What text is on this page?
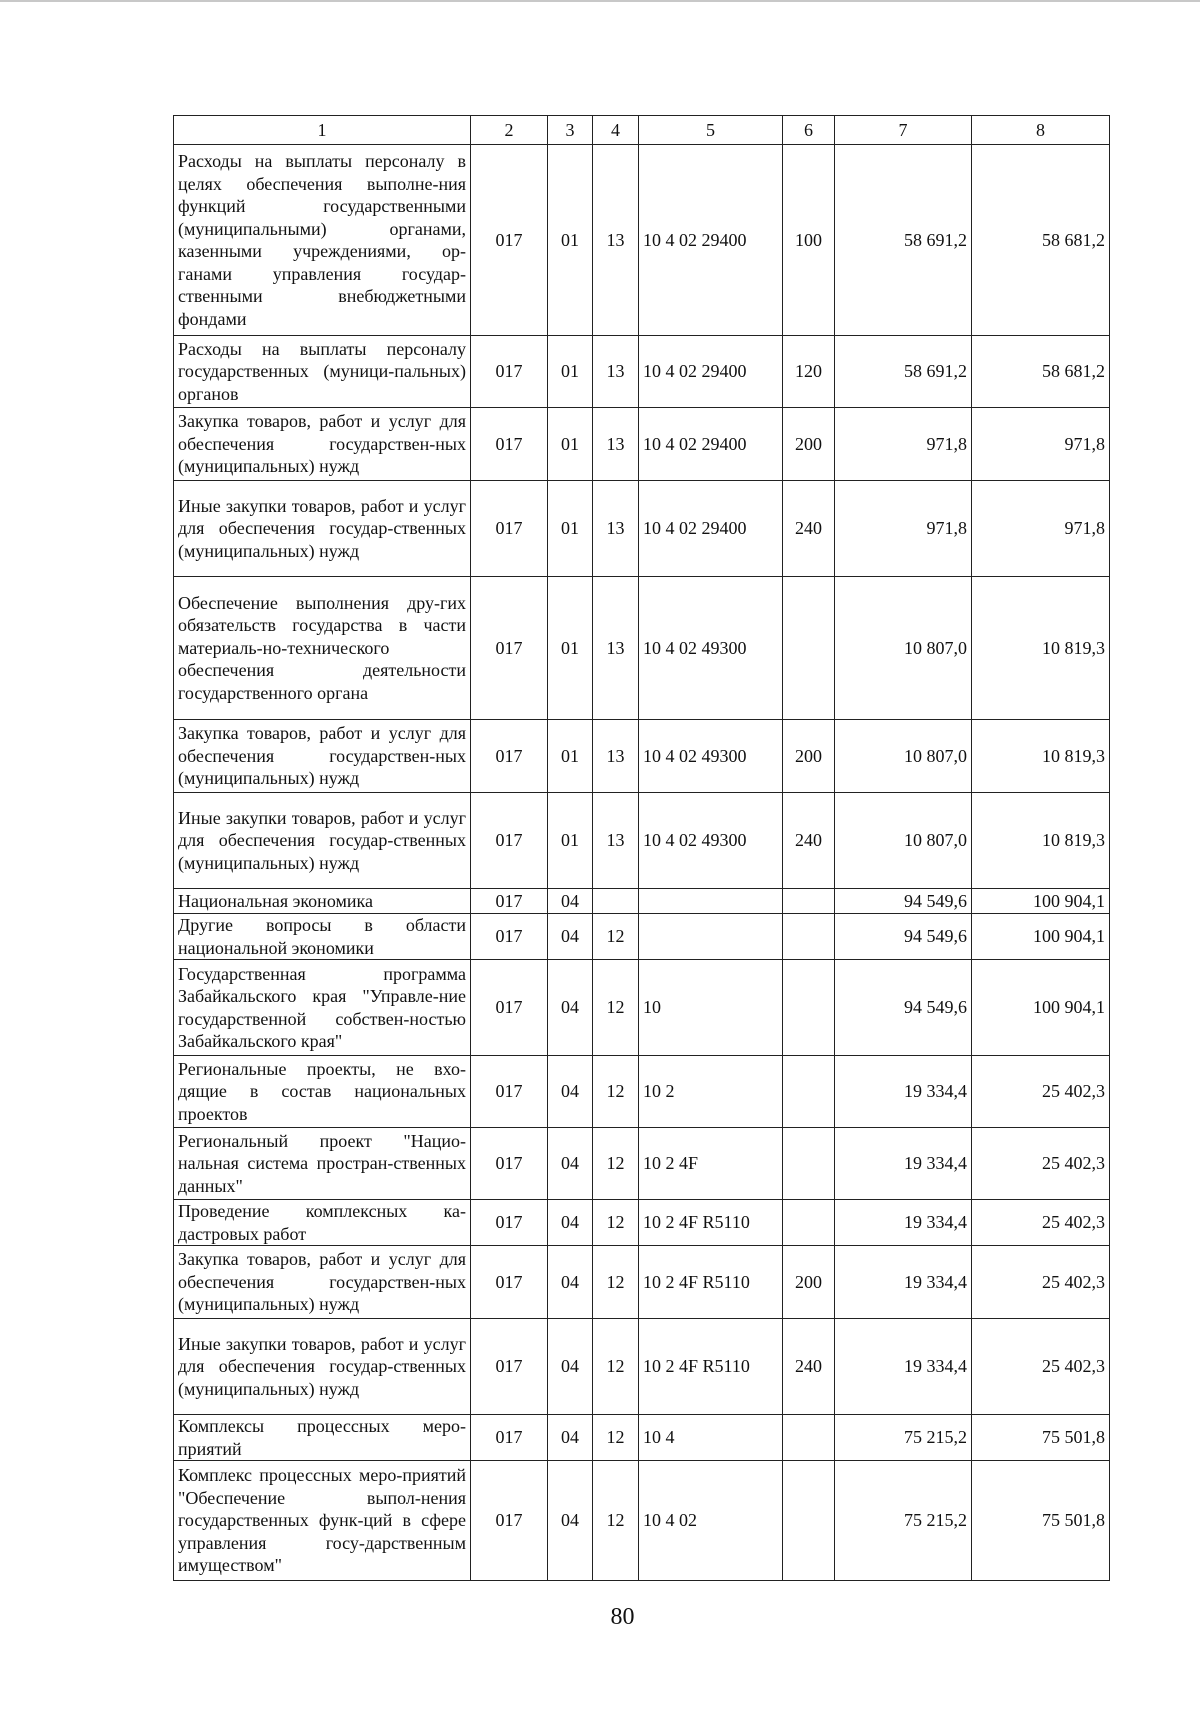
1	2	3	4	5	6	7	8
Расходы на выплаты персоналу в целях обеспечения выполне-ния функций государственными (муниципальными) органами, казенными учреждениями, ор-ганами управления государ-ственными внебюджетными фондами	017	01	13	10 4 02 29400	100	58 691,2	58 681,2
Расходы на выплаты персоналу государственных (муници-пальных) органов	017	01	13	10 4 02 29400	120	58 691,2	58 681,2
Закупка товаров, работ и услуг для обеспечения государствен-ных (муниципальных) нужд	017	01	13	10 4 02 29400	200	971,8	971,8
Иные закупки товаров, работ и услуг для обеспечения государ-ственных (муниципальных) нужд	017	01	13	10 4 02 29400	240	971,8	971,8
Обеспечение выполнения дру-гих обязательств государства в части материаль-но-технического обеспечения деятельности государственного органа	017	01	13	10 4 02 49300		10 807,0	10 819,3
Закупка товаров, работ и услуг для обеспечения государствен-ных (муниципальных) нужд	017	01	13	10 4 02 49300	200	10 807,0	10 819,3
Иные закупки товаров, работ и услуг для обеспечения государ-ственных (муниципальных) нужд	017	01	13	10 4 02 49300	240	10 807,0	10 819,3
Национальная экономика	017	04				94 549,6	100 904,1
Другие вопросы в области национальной экономики	017	04	12			94 549,6	100 904,1
Государственная программа Забайкальского края "Управле-ние государственной собствен-ностью Забайкальского края"	017	04	12	10		94 549,6	100 904,1
Региональные проекты, не вхо-дящие в состав национальных проектов	017	04	12	10 2		19 334,4	25 402,3
Региональный проект "Нацио-нальная система простран-ственных данных"	017	04	12	10 2 4F		19 334,4	25 402,3
Проведение комплексных ка-дастровых работ	017	04	12	10 2 4F R5110		19 334,4	25 402,3
Закупка товаров, работ и услуг для обеспечения государствен-ных (муниципальных) нужд	017	04	12	10 2 4F R5110	200	19 334,4	25 402,3
Иные закупки товаров, работ и услуг для обеспечения государ-ственных (муниципальных) нужд	017	04	12	10 2 4F R5110	240	19 334,4	25 402,3
Комплексы процессных меро-приятий	017	04	12	10 4		75 215,2	75 501,8
Комплекс процессных меро-приятий "Обеспечение выпол-нения государственных функ-ций в сфере управления госу-дарственным имуществом"	017	04	12	10 4 02		75 215,2	75 501,8
80
